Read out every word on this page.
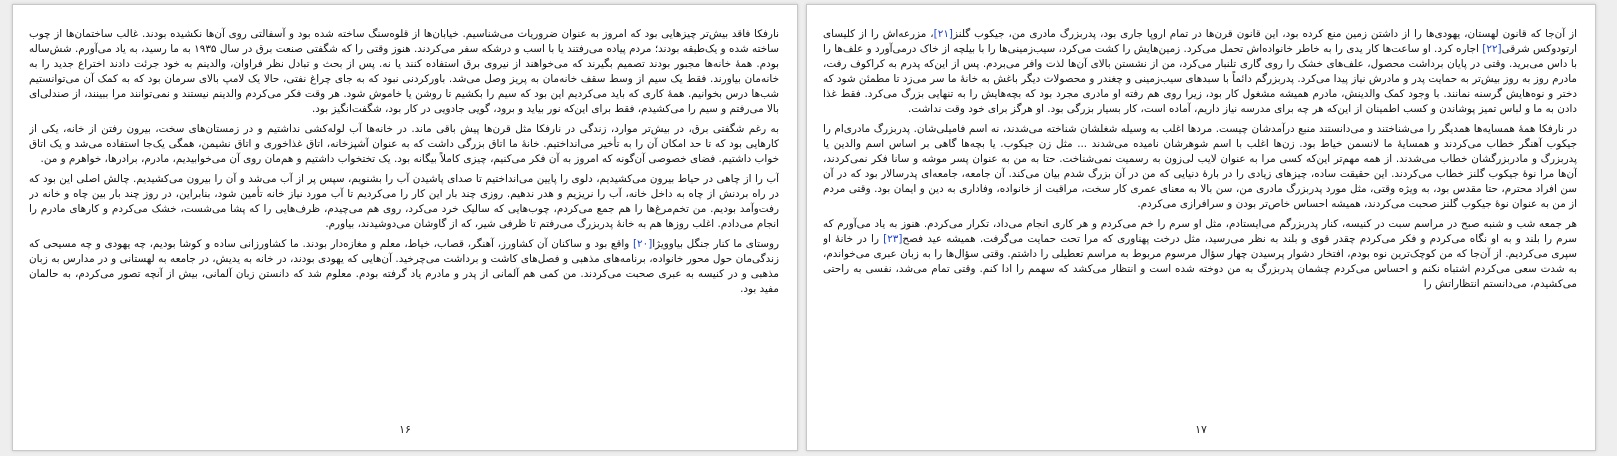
نارفکا فاقد بیش‌تر چیزهایی بود که امروز به عنوان ضروریات می‌شناسیم. خیابان‌ها از قلوه‌سنگ ساخته شده بود و آسفالتی روی آن‌ها نکشیده بودند. غالب ساختمان‌ها از چوب ساخته شده و یک‌طبقه بودند؛ مردم پیاده می‌رفتند یا با اسب و درشکه سفر می‌کردند. هنوز وقتی را که شگفتی صنعت برق در سال ۱۹۳۵ به ما رسید، به یاد می‌آورم. شش‌ساله بودم. همهٔ خانه‌ها مجبور بودند تصمیم بگیرند که می‌خواهند از نیروی برق استفاده کنند یا نه. پس از بحث و تبادل نظر فراوان، والدینم به خود جرئت دادند اختراع جدید را به خانه‌مان بیاورند. فقط یک سیم از وسط سقف خانه‌مان به پریز وصل می‌شد. باورکردنی نبود که به جای چراغ نفتی، حالا یک لامپ بالای سرمان بود که به کمک آن می‌توانستیم شب‌ها درس بخوانیم. همهٔ کاری که باید می‌کردیم این بود که سیم را بکشیم تا روشن یا خاموش شود. هر وقت فکر می‌کردم والدینم نیستند و نمی‌توانند مرا ببینند، از صندلی‌ای بالا می‌رفتم و سیم را می‌کشیدم، فقط برای این‌که نور بیاید و برود، گویی جادویی در کار بود، شگفت‌انگیز بود.

به رغم شگفتی برق، در بیش‌تر موارد، زندگی در نارفکا مثل قرن‌ها پیش باقی ماند. در خانه‌ها آب لوله‌کشی نداشتیم و در زمستان‌های سخت، بیرون رفتن از خانه، یکی از کارهایی بود که تا حد امکان آن را به تأخیر می‌انداختیم. خانهٔ ما اتاق بزرگی داشت که به عنوان آشپزخانه، اتاق غذاخوری و اتاق نشیمن، همگی یک‌جا استفاده می‌شد و یک اتاق خواب داشتیم. فضای خصوصی آن‌گونه که امروز به آن فکر می‌کنیم، چیزی کاملاً بیگانه بود. یک تختخواب داشتیم و هم‌مان روی آن می‌خوابیدیم، مادرم، برادرها، خواهرم و من.

آب را از چاهی در حیاط بیرون می‌کشیدیم، دلوی را پایین می‌انداختیم تا صدای پاشیدن آب را بشنویم، سپس پر از آب می‌شد و آن را بیرون می‌کشیدیم. چالش اصلی این بود که در راه بردنش از چاه به داخل خانه، آب را نریزیم و هدر ندهیم. روزی چند بار این کار را می‌کردیم تا آب مورد نیاز خانه تأمین شود، بنابراین، در روز چند بار بین چاه و خانه در رفت‌وآمد بودیم. من تخم‌مرغ‌ها را هم جمع می‌کردم، چوب‌هایی که سالیک خرد می‌کرد، روی هم می‌چیدم، ظرف‌هایی را که پشا می‌شست، خشک می‌کردم و کارهای مادرم را انجام می‌دادم. اغلب روزها هم به خانهٔ پدربزرگ می‌رفتم تا ظرفی شیر، که از گاوشان می‌دوشیدند، بیاورم.

روستای ما کنار جنگل بیاوویژا[۲۰] واقع بود و ساکنان آن کشاورز، آهنگر، قصاب، خیاط، معلم و مغازه‌دار بودند. ما کشاورزانی ساده و کوشا بودیم، چه یهودی و چه مسیحی که زندگی‌مان حول محور خانواده، برنامه‌های مذهبی و فصل‌های کاشت و برداشت می‌چرخید. آن‌هایی که یهودی بودند، در خانه به یدیش، در جامعه به لهستانی و در مدارس به زبان مذهبی و در کنیسه به عبری صحبت می‌کردند. من کمی هم آلمانی از پدر و مادرم یاد گرفته بودم. معلوم شد که دانستن زبان آلمانی، بیش از آنچه تصور می‌کردم، به حالمان مفید بود.

۱۶

از آن‌جا که قانون لهستان، یهودی‌ها را از داشتن زمین منع کرده بود، این قانون قرن‌ها در تمام اروپا جاری بود، پدربزرگ مادری من، جیکوب گلنز[۲۱]، مزرعه‌اش را از کلیسای ارتودوکس شرقی[۲۲] اجاره کرد. او ساعت‌ها کار یدی را به خاطر خانواده‌اش تحمل می‌کرد. زمین‌هایش را کشت می‌کرد، سیب‌زمینی‌ها را با بیلچه از خاک درمی‌آورد و علف‌ها را با داس می‌برید. وقتی در پایان برداشت محصول، علف‌های خشک را روی گاری تلنبار می‌کرد، من از نشستن بالای آن‌ها لذت وافر می‌بردم. پس از این‌که پدرم به کراکوف رفت، مادرم روز به روز بیش‌تر به حمایت پدر و مادرش نیاز پیدا می‌کرد. پدربزرگم دائماً با سبدهای سیب‌زمینی و چغندر و محصولات دیگر باغش به خانهٔ ما سر می‌زد تا مطمئن شود که دختر و نوه‌هایش گرسنه نمانند. با وجود کمک والدینش، مادرم همیشه مشغول کار بود، زیرا روی هم رفته او مادری مجرد بود که بچه‌هایش را به تنهایی بزرگ می‌کرد. فقط غذا دادن به ما و لباس تمیز پوشاندن و کسب اطمینان از این‌که هر چه برای مدرسه نیاز داریم، آماده است، کار بسیار بزرگی بود. او هرگز برای خود وقت نداشت.

در نارفکا همهٔ همسایه‌ها همدیگر را می‌شناختند و می‌دانستند منبع درآمدشان چیست. مردها اغلب به وسیله شغلشان شناخته می‌شدند، نه اسم فامیلی‌شان. پدربزرگ مادری‌ام را جیکوب آهنگر خطاب می‌کردند و همسایهٔ ما لانسمن خیاط بود. زن‌ها اغلب با اسم شوهرشان نامیده می‌شدند ... مثل زن جیکوب. یا بچه‌ها گاهی بر اساس اسم والدین یا پدربزرگ و مادربزرگشان خطاب می‌شدند. از همه مهم‌تر این‌که کسی مرا به عنوان لایب لی‌زون به رسمیت نمی‌شناخت. حتا به من به عنوان پسر موشه و سانا فکر نمی‌کردند، آن‌ها مرا نوهٔ جیکوب گلنز خطاب می‌کردند. این حقیقت ساده، چیزهای زیادی را در بارهٔ دنیایی که من در آن بزرگ شدم بیان می‌کند. آن جامعه، جامعه‌ای پدرسالار بود که در آن سن افراد محترم، حتا مقدس بود، به ویژه وقتی، مثل مورد پدربزرگ مادری من، سن بالا به معنای عمری کار سخت، مراقبت از خانواده، وفاداری به دین و ایمان بود. وقتی مردم از من به عنوان نوهٔ جیکوب گلنز صحبت می‌کردند، همیشه احساس خاص‌تر بودن و سرافرازی می‌کردم.

هر جمعه شب و شنبه صبح در مراسم سبت در کنیسه، کنار پدربزرگم می‌ایستادم، مثل او سرم را خم می‌کردم و هر کاری انجام می‌داد، تکرار می‌کردم. هنوز به یاد می‌آورم که سرم را بلند و به او نگاه می‌کردم و فکر می‌کردم چقدر قوی و بلند به نظر می‌رسید، مثل درخت پهناوری که مرا تحت حمایت می‌گرفت. همیشه عید فصح[۲۳] را در خانهٔ او سپری می‌کردیم. از آن‌جا که من کوچک‌ترین نوه بودم، افتخار دشوار پرسیدن چهار سؤال مرسوم مربوط به مراسم تعطیلی را داشتم. وقتی سؤال‌ها را به زبان عبری می‌خواندم، به شدت سعی می‌کردم اشتباه نکنم و احساس می‌کردم چشمان پدربزرگ به من دوخته شده است و انتظار می‌کشد که سهمم را ادا کنم. وقتی تمام می‌شد، نفسی به راحتی می‌کشیدم، می‌دانستم انتظاراتش را

۱۷
